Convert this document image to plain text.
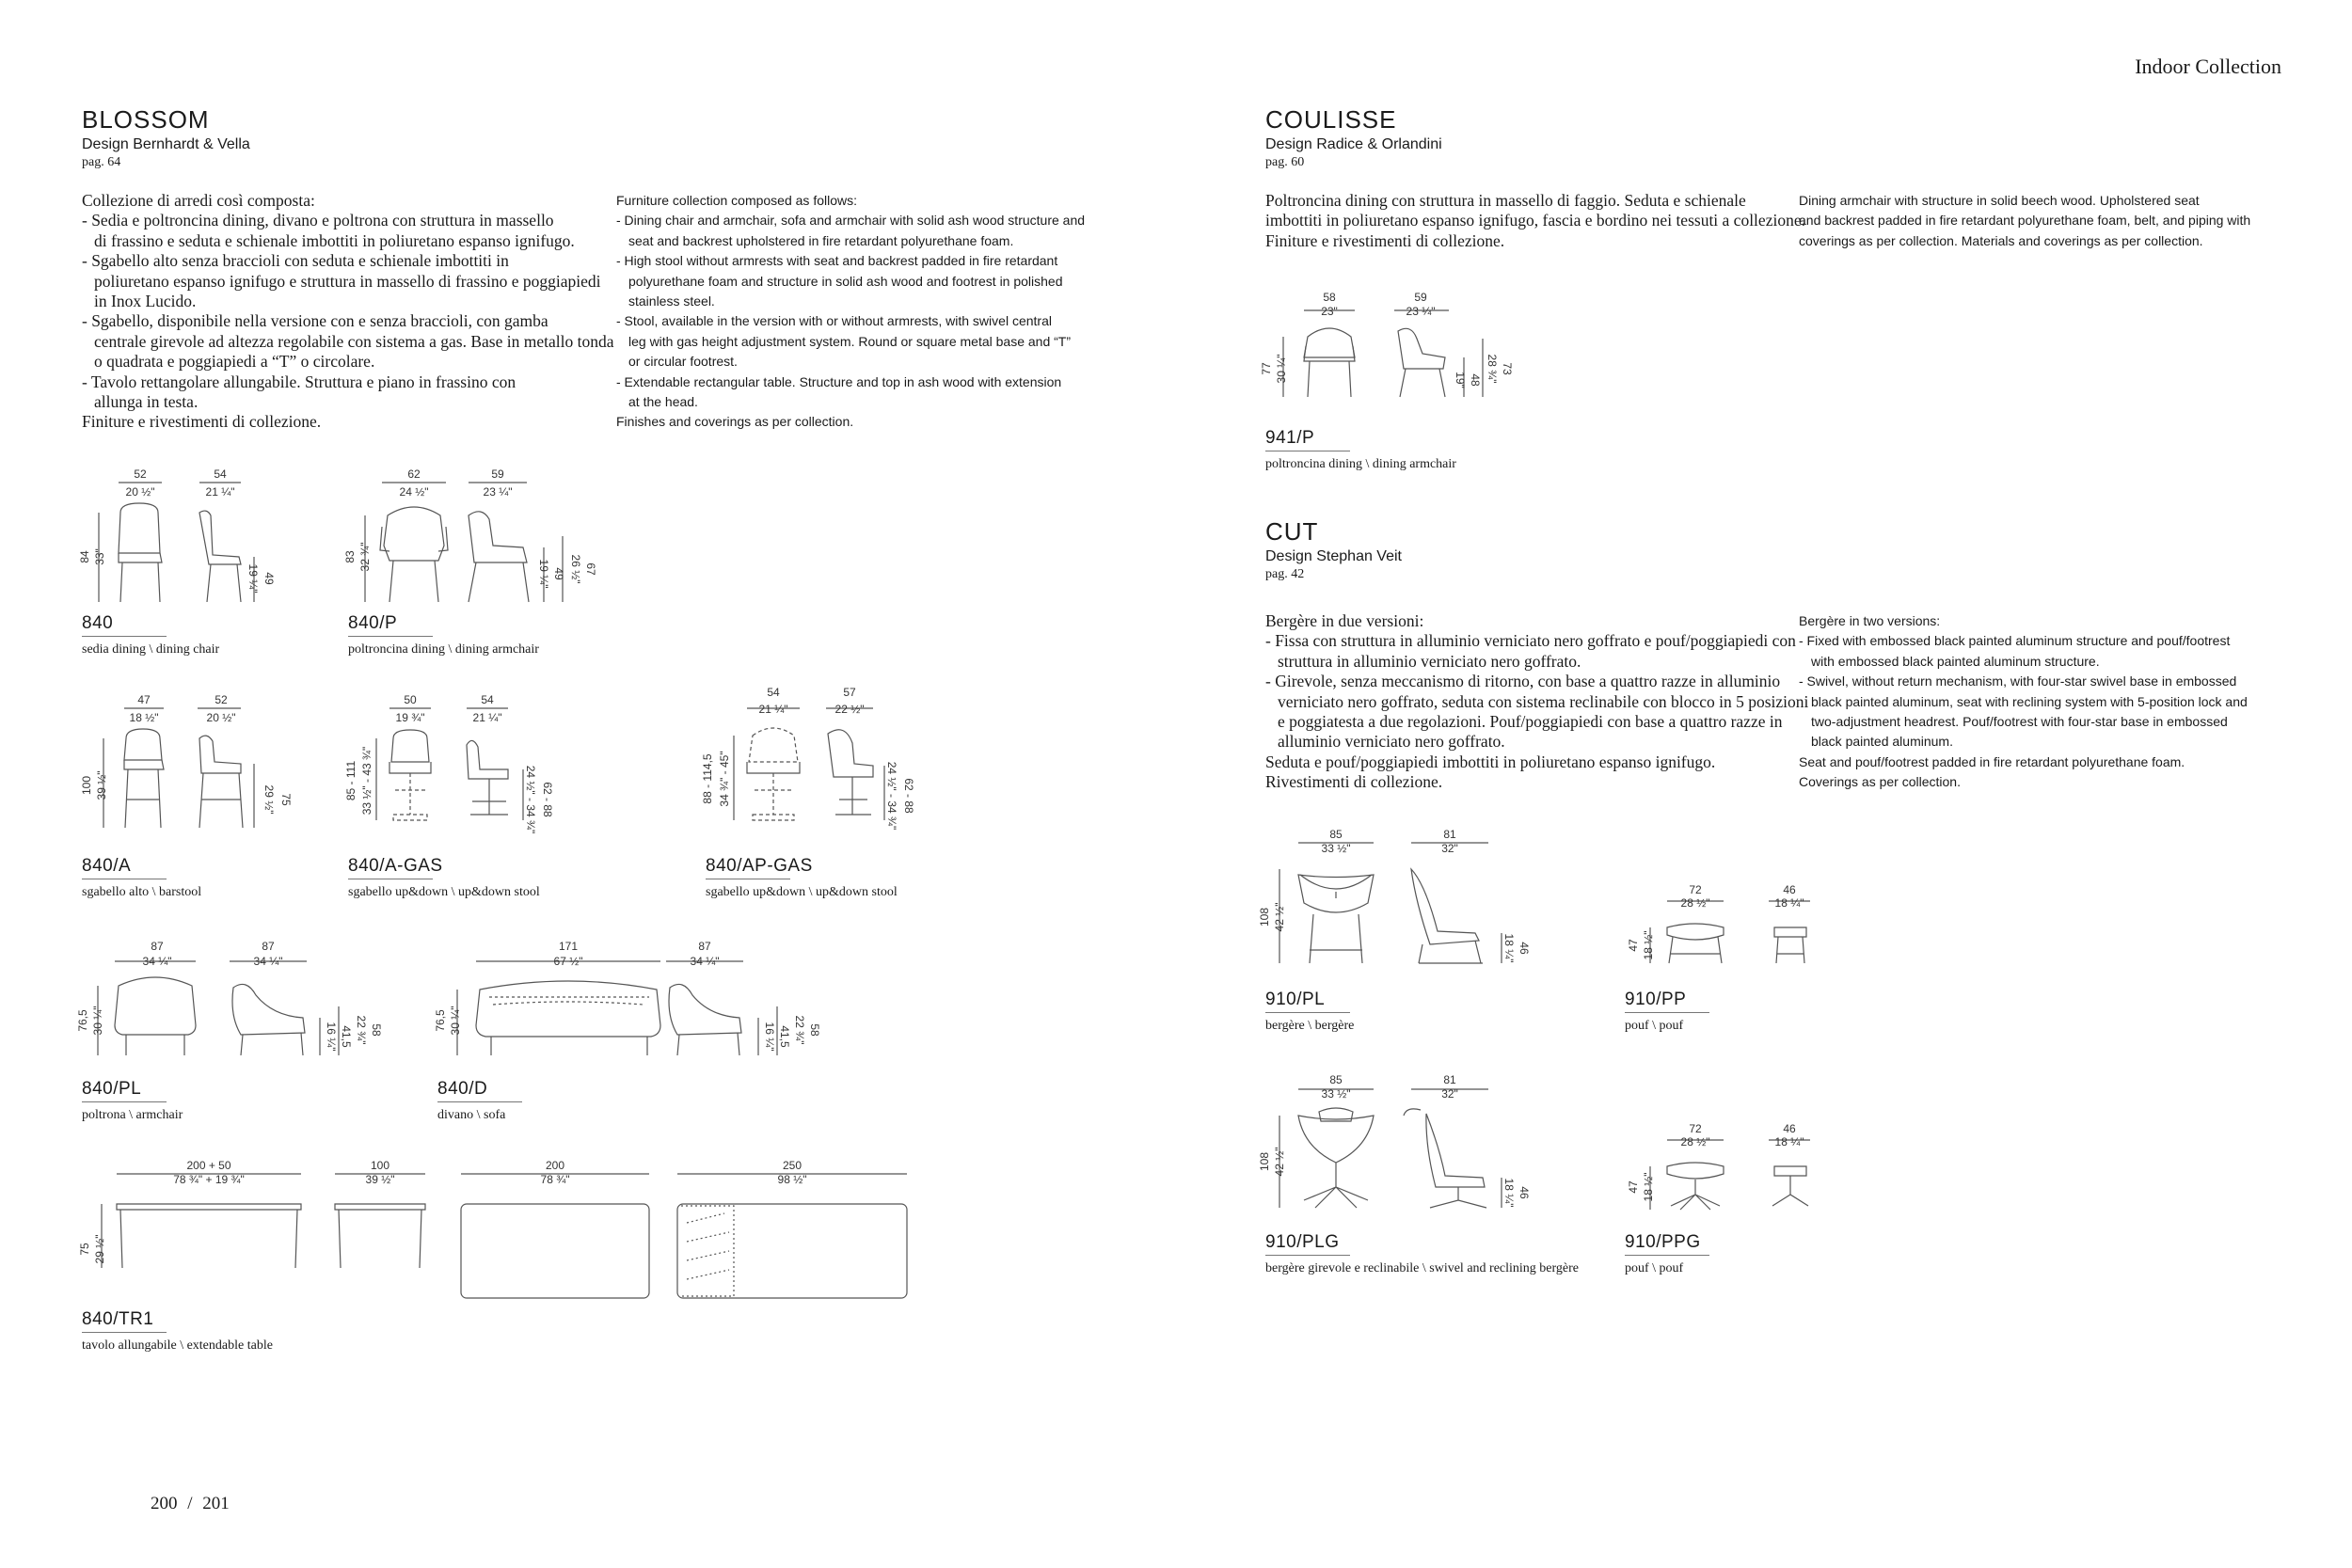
Indoor Collection
200 / 201
BLOSSOM
Design Bernhardt & Vella
pag. 64
Collezione di arredi così composta:
- Sedia e poltroncina dining, divano e poltrona con struttura in massello
di frassino e seduta e schienale imbottiti in poliuretano espanso ignifugo.
- Sgabello alto senza braccioli con seduta e schienale imbottiti in
poliuretano espanso ignifugo e struttura in massello di frassino e poggiapiedi
in Inox Lucido.
- Sgabello, disponibile nella versione con e senza braccioli, con gamba
centrale girevole ad altezza regolabile con sistema a gas. Base in metallo tonda
o quadrata e poggiapiedi a “T” o circolare.
- Tavolo rettangolare allungabile. Struttura e piano in frassino con
allunga in testa.
Finiture e rivestimenti di collezione.
Furniture collection composed as follows:
- Dining chair and armchair, sofa and armchair with solid ash wood structure and
seat and backrest upholstered in fire retardant polyurethane foam.
- High stool without armrests with seat and backrest padded in fire retardant
polyurethane foam and structure in solid ash wood and footrest in polished
stainless steel.
- Stool, available in the version with or without armrests, with swivel central
leg with gas height adjustment system. Round or square metal base and “T”
or circular footrest.
- Extendable rectangular table. Structure and top in ash wood with extension
at the head.
Finishes and coverings as per collection.
COULISSE
Design Radice & Orlandini
pag. 60
Poltroncina dining con struttura in massello di faggio. Seduta e schienale
imbottiti in poliuretano espanso ignifugo, fascia e bordino nei tessuti a collezione.
Finiture e rivestimenti di collezione.
Dining armchair with structure in solid beech wood. Upholstered seat
and backrest padded in fire retardant polyurethane foam, belt, and piping with
coverings as per collection. Materials and coverings as per collection.
CUT
Design Stephan Veit
pag. 42
Bergère in due versioni:
- Fissa con struttura in alluminio verniciato nero goffrato e pouf/poggiapiedi con
struttura in alluminio verniciato nero goffrato.
- Girevole, senza meccanismo di ritorno, con base a quattro razze in alluminio
verniciato nero goffrato, seduta con sistema reclinabile con blocco in 5 posizioni
e poggiatesta a due regolazioni. Pouf/poggiapiedi con base a quattro razze in
alluminio verniciato nero goffrato.
Seduta e pouf/poggiapiedi imbottiti in poliuretano espanso ignifugo.
Rivestimenti di collezione.
Bergère in two versions:
- Fixed with embossed black painted aluminum structure and pouf/footrest
with embossed black painted aluminum structure.
- Swivel, without return mechanism, with four-star swivel base in embossed
black painted aluminum, seat with reclining system with 5-position lock and
two-adjustment headrest. Pouf/footrest with four-star base in embossed
black painted aluminum.
Seat and pouf/footrest padded in fire retardant polyurethane foam.
Coverings as per collection.
840
sedia dining \ dining chair
840/P
poltroncina dining \ dining armchair
840/A
sgabello alto \ barstool
840/A-GAS
sgabello up&down \ up&down stool
840/AP-GAS
sgabello up&down \ up&down stool
840/PL
poltrona \ armchair
840/D
divano \ sofa
840/TR1
tavolo allungabile \ extendable table
941/P
poltroncina dining \ dining armchair
910/PL
bergère \ bergère
910/PP
pouf \ pouf
910/PLG
bergère girevole e reclinabile \ swivel and reclining bergère
910/PPG
pouf \ pouf
52
20 ½"
54
21 ¼"
84 33"
49
19 ¼"
62
24 ½"
59
23 ¼"
83 32 ¾"
49
19 ¼"	67
26 ½"
47
18 ½"
52
20 ½"
100 39 ½"	75
29 ½"
50
19 ¾"
54
21 ¼"
85 - 111 33 ½" - 43 ¾"	62 - 88
24 ½" - 34 ¾"
54
21 ¼"
57
22 ½"
88 - 114,5 34 ¾" - 45"	62 - 88
24 ½" - 34 ¾"
87
34 ¼"
87
34 ¼"
76,5 30 ¼"
41,5
16 ¼"	58
22 ¾"
171
67 ½"
87
34 ¼"
76,5 30 ¼"
41,5
16 ¼"	58
22 ¾"
200 + 50
78 ¾" + 19 ¾"
100
39 ½"
200
78 ¾"
250
98 ½"
75 29 ½"
58
23"
59
23 ¼"
77 30 ¼"	48
19"
73
28 ¾"
85
33 ½"
81
32"
108 42 ½"
46
18 ¼"
72
28 ½"
46
18 ¼"
47 18 ½"
85
33 ½"
81
32"
108 42 ½"
46
18 ¼"
72
28 ½"
46
18 ¼"
47 18 ½"
